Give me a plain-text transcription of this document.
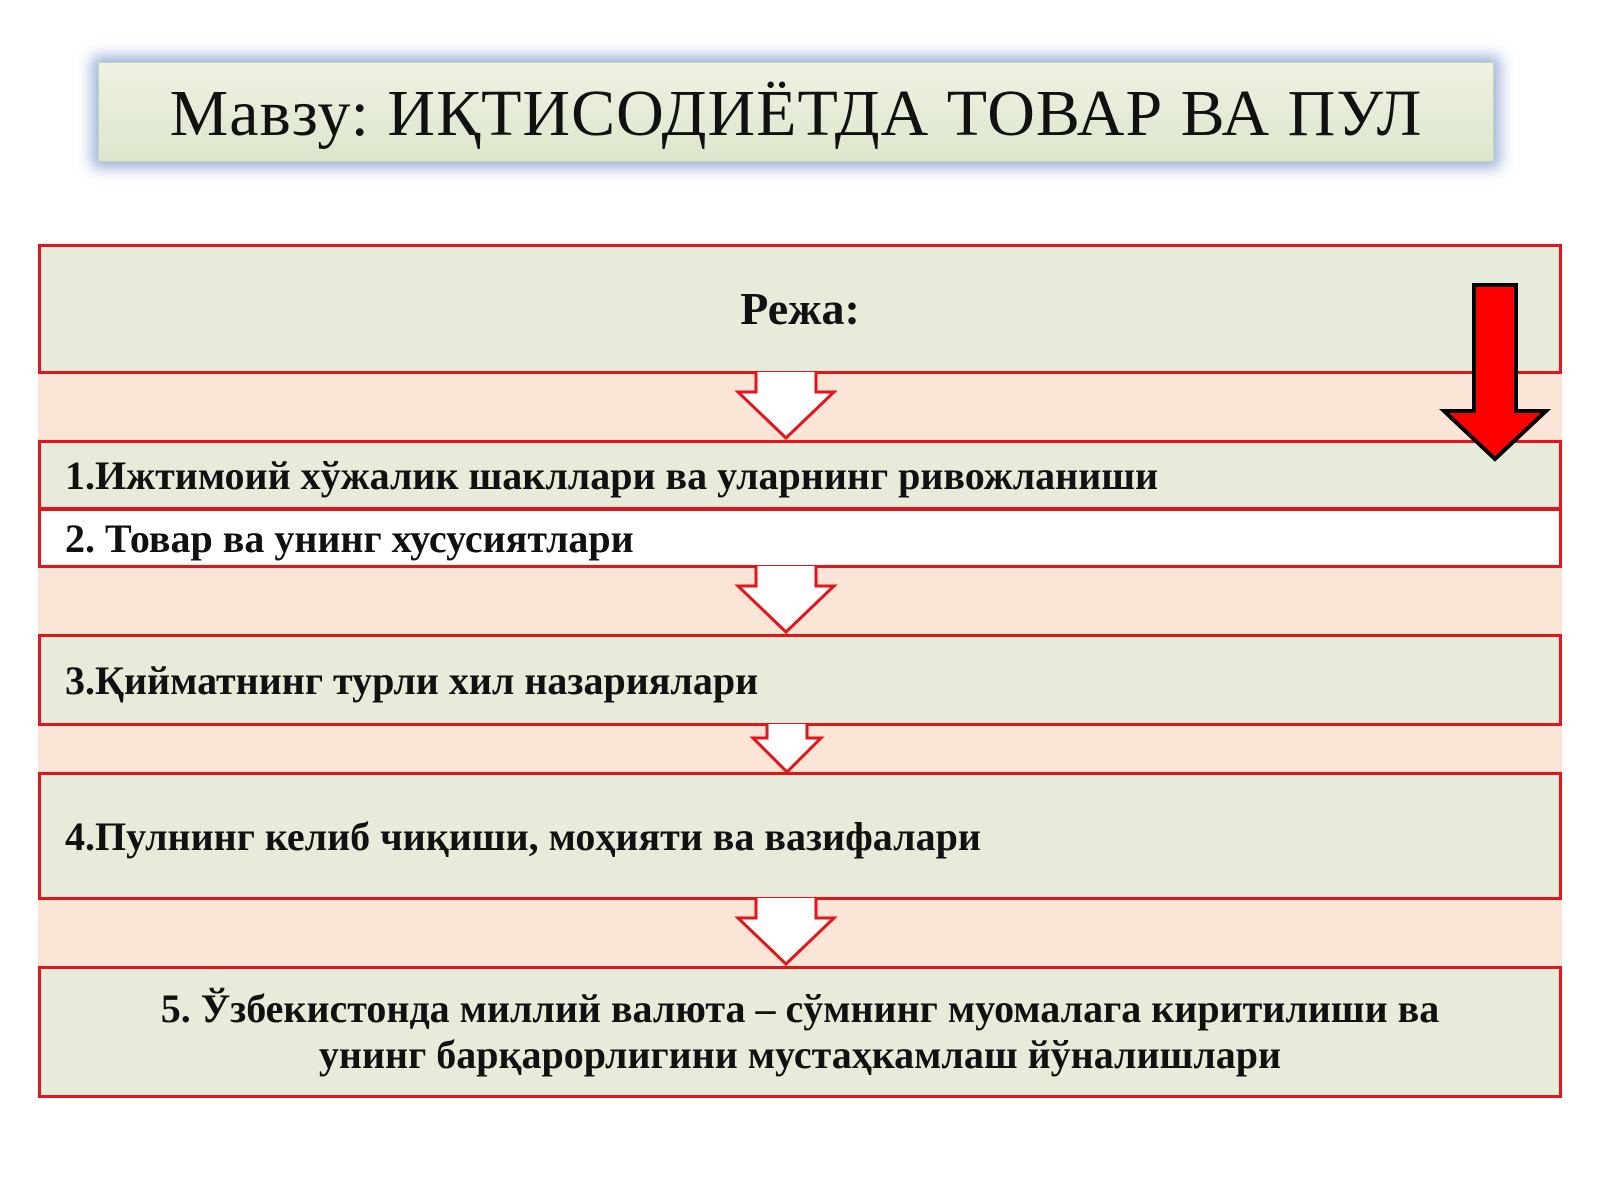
Мавзу: ИҚТИСОДИЁТДА ТОВАР ВА ПУЛ
Режа:
1.Ижтимоий хўжалик шакллари ва уларнинг ривожланиши
2. Товар ва унинг хусусиятлари
3.Қийматнинг турли хил назариялари
4.Пулнинг келиб чиқиши, моҳияти ва вазифалари
5. Ўзбекистонда миллий валюта – сўмнинг муомалага киритилиши ва унинг барқарорлигини мустаҳкамлаш йўналишлари
